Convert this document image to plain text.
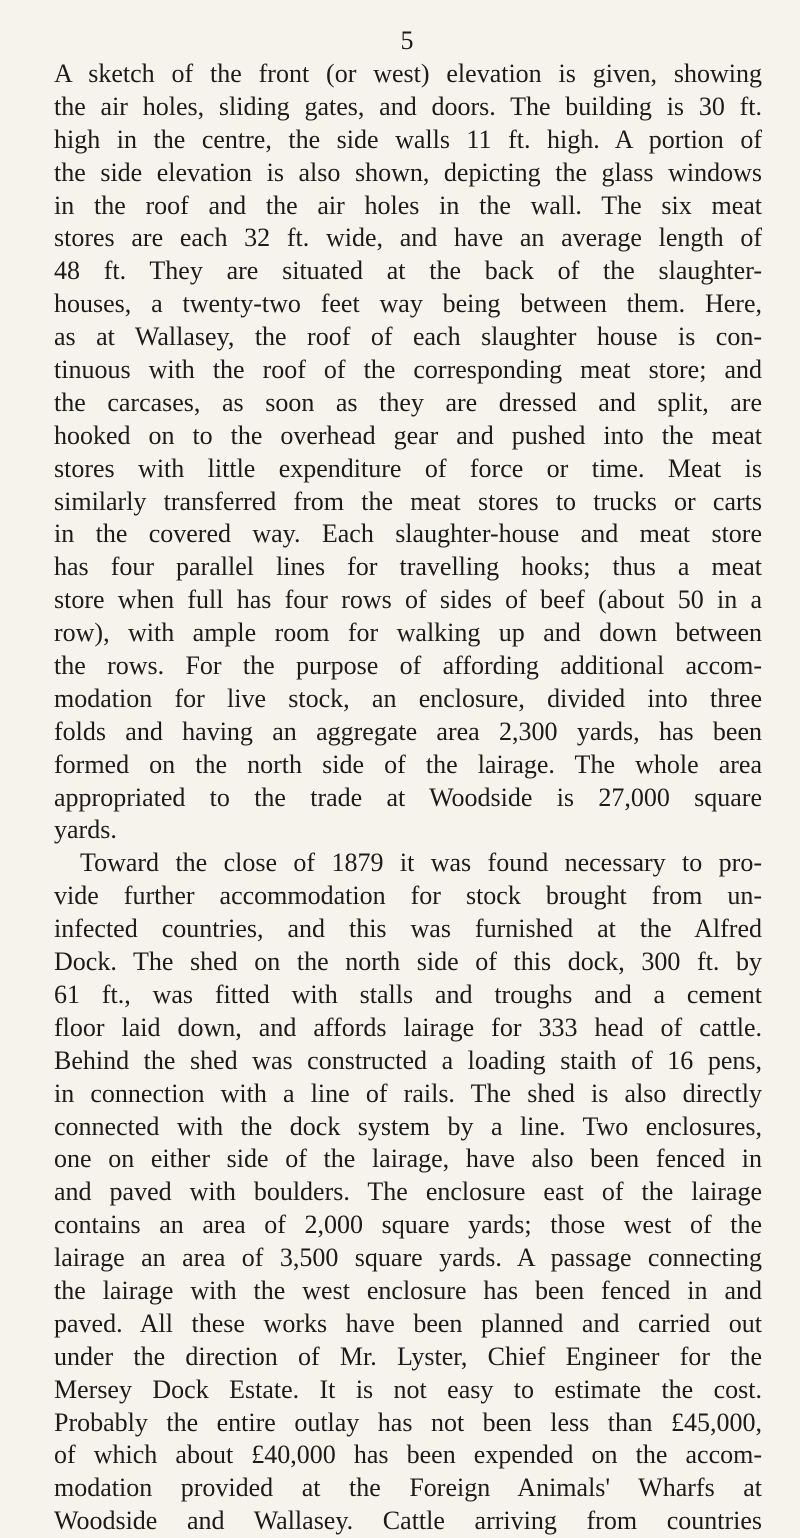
5
A sketch of the front (or west) elevation is given, showing
the air holes, sliding gates, and doors. The building is 30 ft.
high in the centre, the side walls 11 ft. high. A portion of
the side elevation is also shown, depicting the glass windows
in the roof and the air holes in the wall. The six meat
stores are each 32 ft. wide, and have an average length of
48 ft. They are situated at the back of the slaughter-
houses, a twenty-two feet way being between them. Here,
as at Wallasey, the roof of each slaughter house is con-
tinuous with the roof of the corresponding meat store; and
the carcases, as soon as they are dressed and split, are
hooked on to the overhead gear and pushed into the meat
stores with little expenditure of force or time. Meat is
similarly transferred from the meat stores to trucks or carts
in the covered way. Each slaughter-house and meat store
has four parallel lines for travelling hooks; thus a meat
store when full has four rows of sides of beef (about 50 in a
row), with ample room for walking up and down between
the rows. For the purpose of affording additional accom-
modation for live stock, an enclosure, divided into three
folds and having an aggregate area 2,300 yards, has been
formed on the north side of the lairage. The whole area
appropriated to the trade at Woodside is 27,000 square
yards.
Toward the close of 1879 it was found necessary to pro-
vide further accommodation for stock brought from un-
infected countries, and this was furnished at the Alfred
Dock. The shed on the north side of this dock, 300 ft. by
61 ft., was fitted with stalls and troughs and a cement
floor laid down, and affords lairage for 333 head of cattle.
Behind the shed was constructed a loading staith of 16 pens,
in connection with a line of rails. The shed is also directly
connected with the dock system by a line. Two enclosures,
one on either side of the lairage, have also been fenced in
and paved with boulders. The enclosure east of the lairage
contains an area of 2,000 square yards; those west of the
lairage an area of 3,500 square yards. A passage connecting
the lairage with the west enclosure has been fenced in and
paved. All these works have been planned and carried out
under the direction of Mr. Lyster, Chief Engineer for the
Mersey Dock Estate. It is not easy to estimate the cost.
Probably the entire outlay has not been less than £45,000,
of which about £40,000 has been expended on the accom-
modation provided at the Foreign Animals' Wharfs at
Woodside and Wallasey. Cattle arriving from countries
